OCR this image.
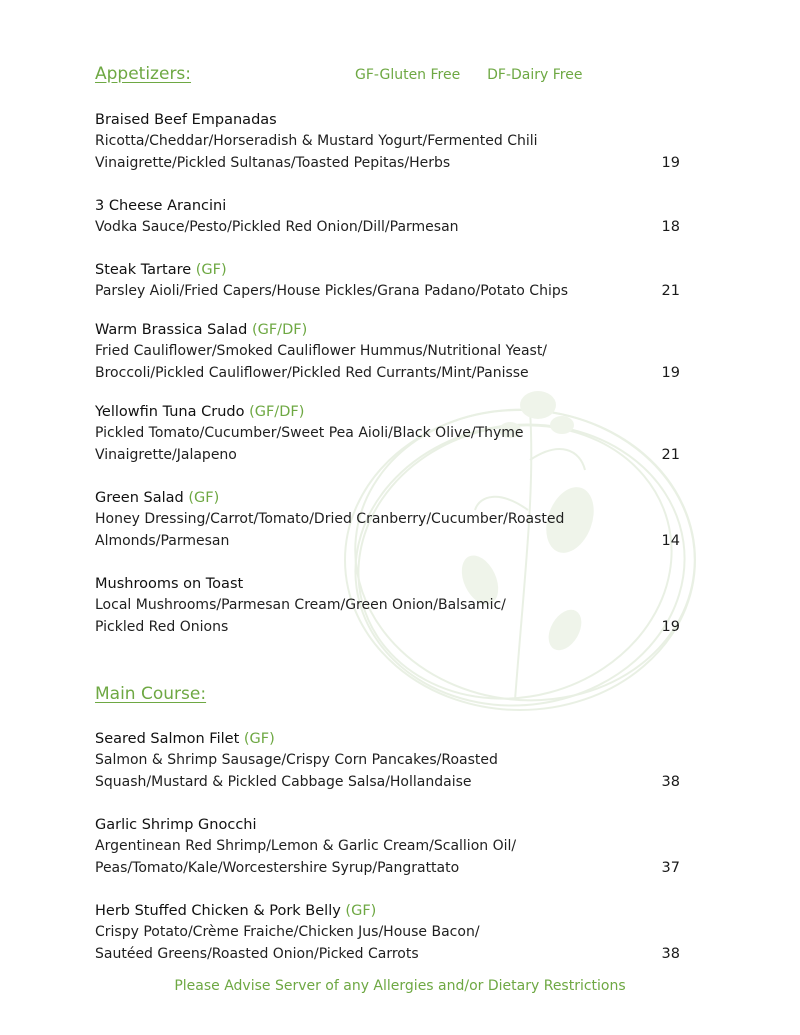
GF-Gluten Free DF-Dairy Free
Appetizers:
Main Course:
Braised Beef Empanadas
Ricotta/Cheddar/Horseradish & Mustard Yogurt/Fermented Chili
Vinaigrette/Pickled Sultanas/Toasted Pepitas/Herbs	19
3 Cheese Arancini
Vodka Sauce/Pesto/Pickled Red Onion/Dill/Parmesan	18
Steak Tartare (GF)
Parsley Aioli/Fried Capers/House Pickles/Grana Padano/Potato Chips	21
Warm Brassica Salad (GF/DF)
Fried Cauliflower/Smoked Cauliflower Hummus/Nutritional Yeast/
Broccoli/Pickled Cauliflower/Pickled Red Currants/Mint/Panisse	19
Yellowfin Tuna Crudo (GF/DF)
Pickled Tomato/Cucumber/Sweet Pea Aioli/Black Olive/Thyme
Vinaigrette/Jalapeno	21
Green Salad (GF)
Honey Dressing/Carrot/Tomato/Dried Cranberry/Cucumber/Roasted
Almonds/Parmesan	14
Mushrooms on Toast
Local Mushrooms/Parmesan Cream/Green Onion/Balsamic/
Pickled Red Onions	19
Seared Salmon Filet (GF)
Salmon & Shrimp Sausage/Crispy Corn Pancakes/Roasted
Squash/Mustard & Pickled Cabbage Salsa/Hollandaise	38
Garlic Shrimp Gnocchi
Argentinean Red Shrimp/Lemon & Garlic Cream/Scallion Oil/
Peas/Tomato/Kale/Worcestershire Syrup/Pangrattato	37
Herb Stuffed Chicken & Pork Belly (GF)
Crispy Potato/Crème Fraiche/Chicken Jus/House Bacon/
Sautéed Greens/Roasted Onion/Picked Carrots	38
Please Advise Server of any Allergies and/or Dietary Restrictions
